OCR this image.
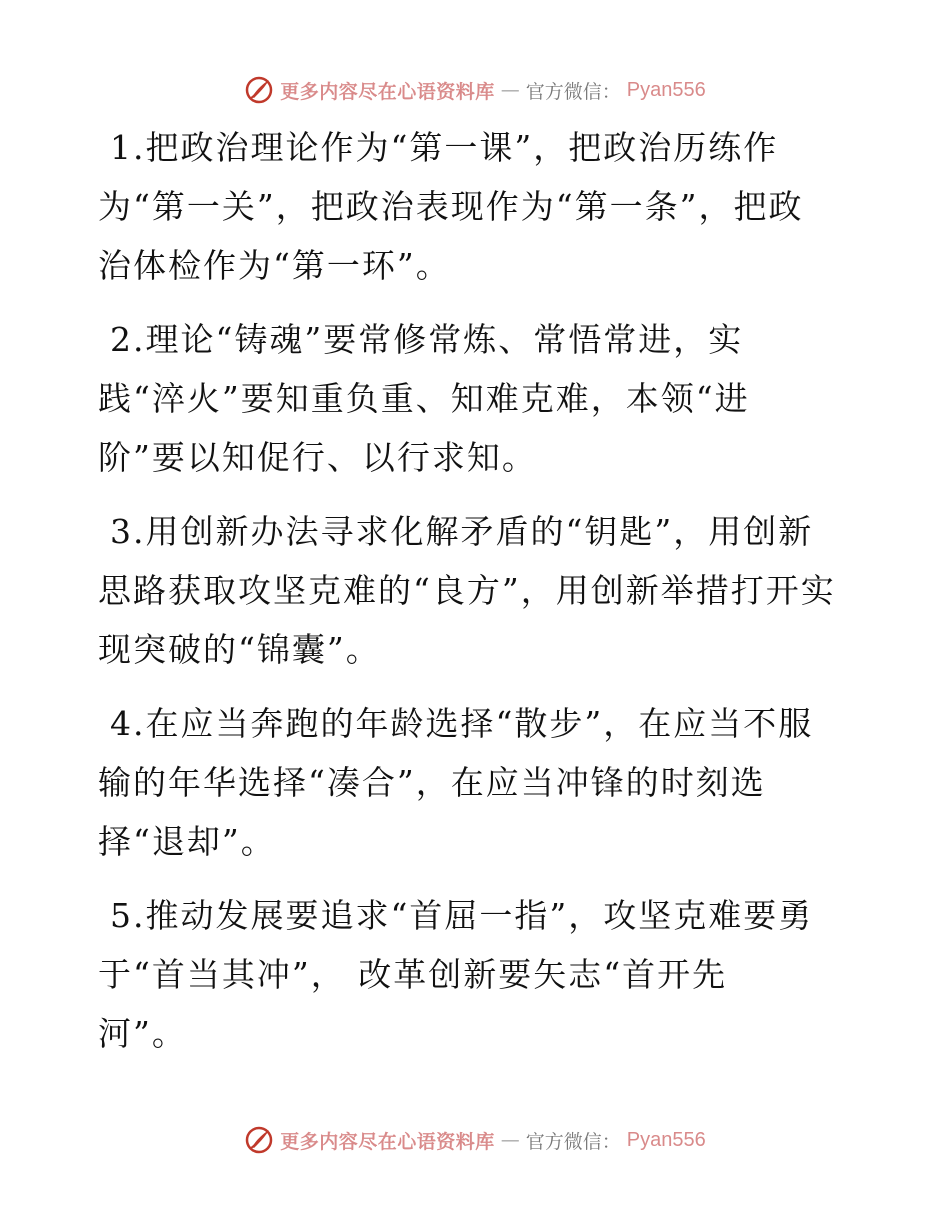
更多内容尽在心语资料库 — 官方微信： Pyan556

1.把政治理论作为“第一课”，把政治历练作
为“第一关”，把政治表现作为“第一条”，把政
治体检作为“第一环”。

2.理论“铸魂”要常修常炼、常悟常进，实
践“淬火”要知重负重、知难克难，本领“进
阶”要以知促行、以行求知。

3.用创新办法寻求化解矛盾的“钥匙”，用创新
思路获取攻坚克难的“良方”，用创新举措打开实
现突破的“锦囊”。

4.在应当奔跑的年龄选择“散步”，在应当不服
输的年华选择“凑合”，在应当冲锋的时刻选
择“退却”。

5.推动发展要追求“首屈一指”，攻坚克难要勇
于“首当其冲”， 改革创新要矢志“首开先
河”。

更多内容尽在心语资料库 — 官方微信： Pyan556
